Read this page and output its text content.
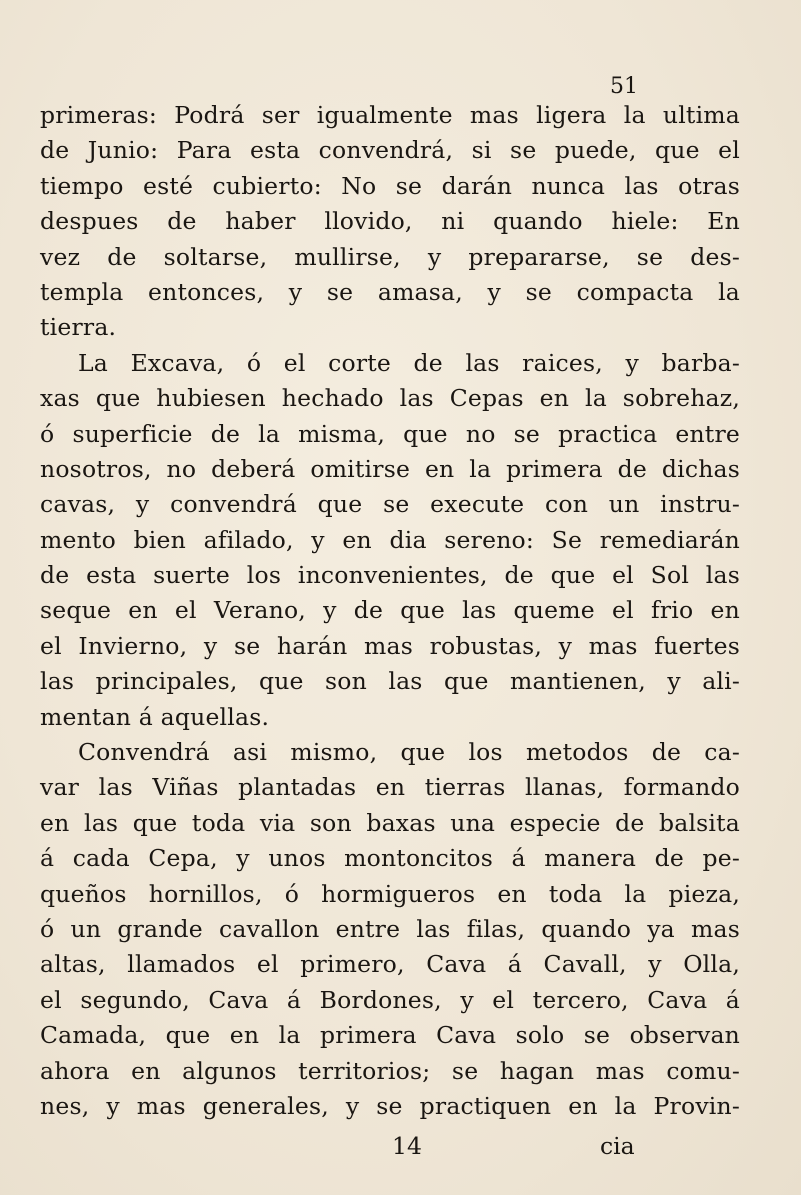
51
primeras: Podrá ser igualmente mas ligera la ultima
de Junio: Para esta convendrá, si se puede, que el
tiempo esté cubierto: No se darán nunca las otras
despues de haber llovido, ni quando hiele: En
vez de soltarse, mullirse, y prepararse, se des-
templa entonces, y se amasa, y se compacta la
tierra.
La Excava, ó el corte de las raices, y barba-
xas que hubiesen hechado las Cepas en la sobrehaz,
ó superficie de la misma, que no se practica entre
nosotros, no deberá omitirse en la primera de dichas
cavas, y convendrá que se execute con un instru-
mento bien afilado, y en dia sereno: Se remediarán
de esta suerte los inconvenientes, de que el Sol las
seque en el Verano, y de que las queme el frio en
el Invierno, y se harán mas robustas, y mas fuertes
las principales, que son las que mantienen, y ali-
mentan á aquellas.
Convendrá asi mismo, que los metodos de ca-
var las Viñas plantadas en tierras llanas, formando
en las que toda via son baxas una especie de balsita
á cada Cepa, y unos montoncitos á manera de pe-
queños hornillos, ó hormigueros en toda la pieza,
ó un grande cavallon entre las filas, quando ya mas
altas, llamados el primero, Cava á Cavall, y Olla,
el segundo, Cava á Bordones, y el tercero, Cava á
Camada, que en la primera Cava solo se observan
ahora en algunos territorios; se hagan mas comu-
nes, y mas generales, y se practiquen en la Provin-
14	cia
